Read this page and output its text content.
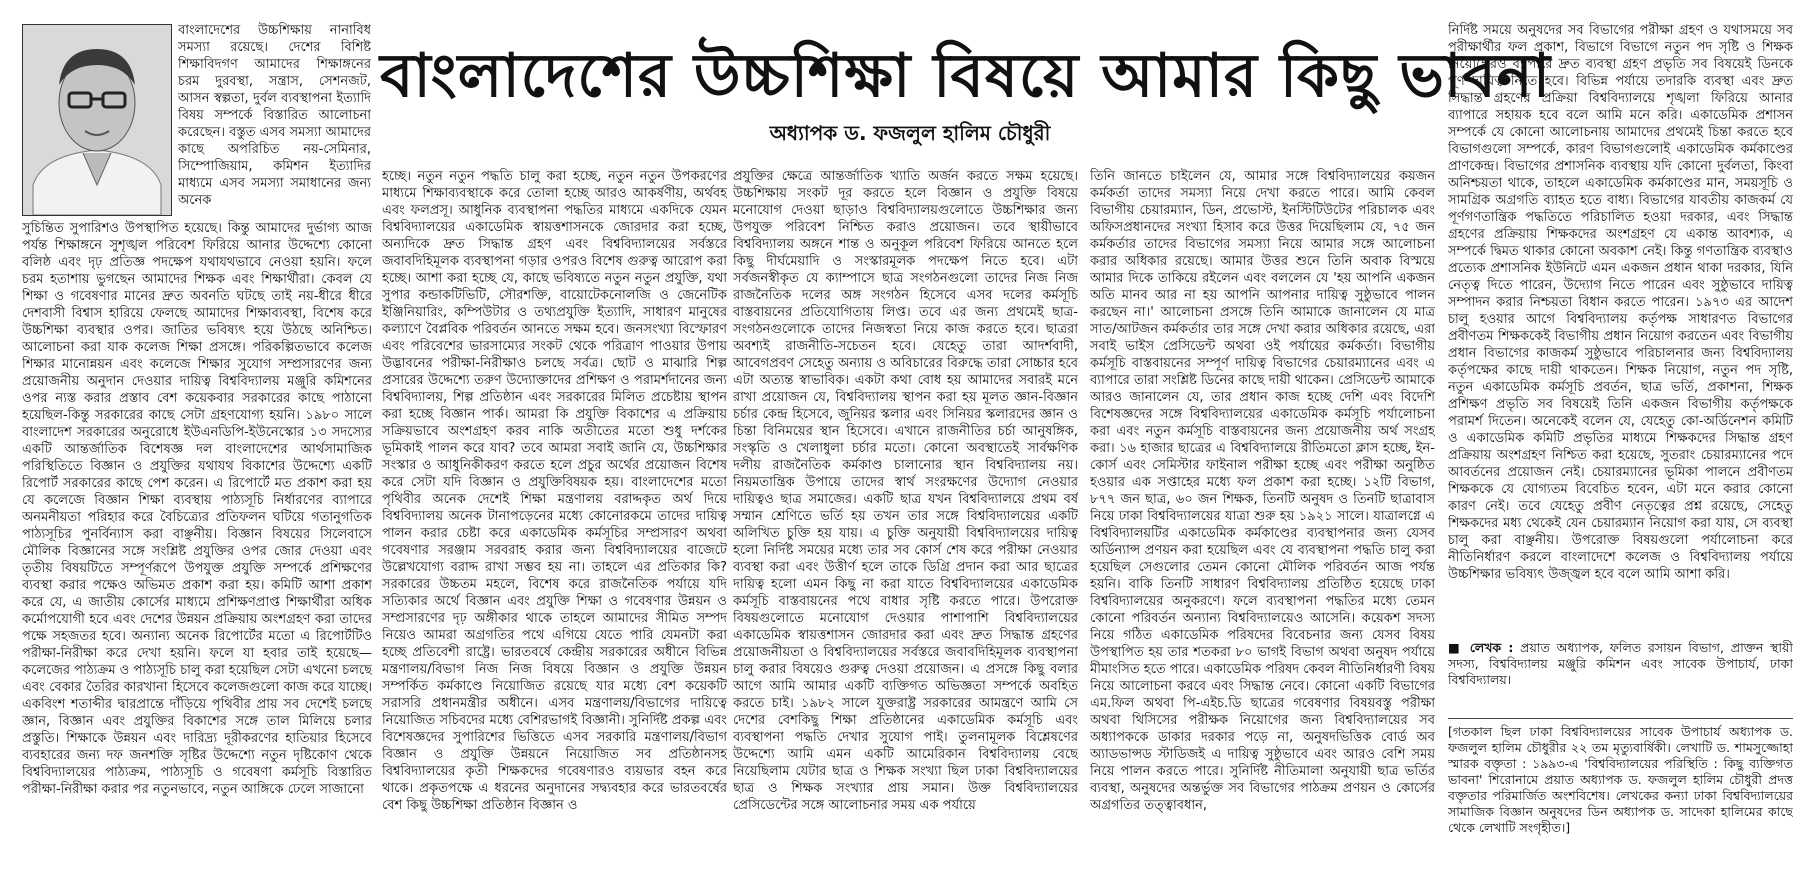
বাংলাদেশের উচ্চশিক্ষায় নানাবিধ সমস্যা রয়েছে। দেশের বিশিষ্ট শিক্ষাবিদগণ আমাদের শিক্ষাঙ্গনের চরম দুরবস্থা, সন্ত্রাস, সেশনজট, আসন স্বল্পতা, দুর্বল ব্যবস্থাপনা ইত্যাদি বিষয় সম্পর্কে বিস্তারিত আলোচনা করেছেন। বস্তুত এসব সমস্যা আমাদের কাছে অপরিচিত নয়-সেমিনার, সিম্পোজিয়াম, কমিশন ইত্যাদির মাধ্যমে এসব সমস্যা সমাধানের জন্য অনেক

সুচিন্তিত সুপারিশও উপস্থাপিত হয়েছে। কিন্তু আমাদের দুর্ভাগ্য আজ পর্যন্ত শিক্ষাঙ্গনে সুশৃঙ্খল পরিবেশ ফিরিয়ে আনার উদ্দেশ্যে কোনো বলিষ্ঠ এবং দৃঢ় প্রতিজ্ঞ পদক্ষেপ যথাযথভাবে নেওয়া হয়নি। ফলে চরম হতাশায় ভুগছেন আমাদের শিক্ষক এবং শিক্ষার্থীরা। কেবল যে শিক্ষা ও গবেষণার মানের দ্রুত অবনতি ঘটছে তাই নয়-ধীরে ধীরে দেশবাসী বিশ্বাস হারিয়ে ফেলছে আমাদের শিক্ষাব্যবস্থা, বিশেষ করে উচ্চশিক্ষা ব্যবস্থার ওপর। জাতির ভবিষ্যৎ হয়ে উঠছে অনিশ্চিত। আলোচনা করা যাক কলেজ শিক্ষা প্রসঙ্গে। পরিকল্পিতভাবে কলেজ শিক্ষার মানোন্নয়ন এবং কলেজে শিক্ষার সুযোগ সম্প্রসারণের জন্য প্রয়োজনীয় অনুদান দেওয়ার দায়িত্ব বিশ্ববিদ্যালয় মঞ্জুরি কমিশনের ওপর ন্যস্ত করার প্রস্তাব বেশ কয়েকবার সরকারের কাছে পাঠানো হয়েছিল-কিন্তু সরকারের কাছে সেটা গ্রহণযোগ্য হয়নি। ১৯৮০ সালে বাংলাদেশ সরকারের অনুরোধে ইউএনডিপি-ইউনেস্কোর ১৩ সদস্যের একটি আন্তর্জাতিক বিশেষজ্ঞ দল বাংলাদেশের আর্থসামাজিক পরিস্থিতিতে বিজ্ঞান ও প্রযুক্তির যথাযথ বিকাশের উদ্দেশ্যে একটি রিপোর্ট সরকারের কাছে পেশ করেন। এ রিপোর্টে মত প্রকাশ করা হয় যে কলেজে বিজ্ঞান শিক্ষা ব্যবস্থায় পাঠ্যসূচি নির্ধারণের ব্যাপারে অনমনীয়তা পরিহার করে বৈচিত্র্যের প্রতিফলন ঘটিয়ে গতানুগতিক পাঠ্যসূচির পুনর্বিন্যাস করা বাঞ্ছনীয়। বিজ্ঞান বিষয়ের সিলেবাসে মৌলিক বিজ্ঞানের সঙ্গে সংশ্লিষ্ট প্রযুক্তির ওপর জোর দেওয়া এবং তৃতীয় বিষয়টিতে সম্পূর্ণরূপে উপযুক্ত প্রযুক্তি সম্পর্কে প্রশিক্ষণের ব্যবস্থা করার পক্ষেও অভিমত প্রকাশ করা হয়। কমিটি আশা প্রকাশ করে যে, এ জাতীয় কোর্সের মাধ্যমে প্রশিক্ষণপ্রাপ্ত শিক্ষার্থীরা অধিক কর্মোপযোগী হবে এবং দেশের উন্নয়ন প্রক্রিয়ায় অংশগ্রহণ করা তাদের পক্ষে সহজতর হবে। অন্যান্য অনেক রিপোর্টের মতো এ রিপোর্টটিও পরীক্ষা-নিরীক্ষা করে দেখা হয়নি। ফলে যা হবার তাই হয়েছে—কলেজের পাঠ্যক্রম ও পাঠ্যসূচি চালু করা হয়েছিল সেটা এখনো চলছে এবং বেকার তৈরির কারখানা হিসেবে কলেজগুলো কাজ করে যাচ্ছে। একবিংশ শতাব্দীর দ্বারপ্রান্তে দাঁড়িয়ে পৃথিবীর প্রায় সব দেশেই চলছে জ্ঞান, বিজ্ঞান এবং প্রযুক্তির বিকাশের সঙ্গে তাল মিলিয়ে চলার প্রস্তুতি। শিক্ষাকে উন্নয়ন এবং দারিদ্র্য দূরীকরণের হাতিয়ার হিসেবে ব্যবহারের জন্য দফ জনশক্তি সৃষ্টির উদ্দেশ্যে নতুন দৃষ্টিকোণ থেকে বিশ্ববিদ্যালয়ের পাঠ্যক্রম, পাঠ্যসূচি ও গবেষণা কর্মসূচি বিস্তারিত পরীক্ষা-নিরীক্ষা করার পর নতুনভাবে, নতুন আঙ্গিকে ঢেলে সাজানো

বাংলাদেশের উচ্চশিক্ষা বিষয়ে আমার কিছু ভাবনা
অধ্যাপক ড. ফজলুল হালিম চৌধুরী

হচ্ছে। নতুন নতুন পদ্ধতি চালু করা হচ্ছে, নতুন নতুন উপকরণের মাধ্যমে শিক্ষাব্যবস্থাকে করে তোলা হচ্ছে আরও আকর্ষণীয়, অর্থবহ এবং ফলপ্রসূ। আধুনিক ব্যবস্থাপনা পদ্ধতির মাধ্যমে একদিকে যেমন বিশ্ববিদ্যালয়ের একাডেমিক স্বায়ত্তশাসনকে জোরদার করা হচ্ছে, অন্যদিকে দ্রুত সিদ্ধান্ত গ্রহণ এবং বিশ্ববিদ্যালয়ের সর্বস্তরে জবাবদিহিমূলক ব্যবস্থাপনা গড়ার ওপরও বিশেষ গুরুত্ব আরোপ করা হচ্ছে। আশা করা হচ্ছে যে, কাছে ভবিষ্যতে নতুন নতুন প্রযুক্তি, যথা সুপার কন্ডাকটিভিটি, সৌরশক্তি, বায়োটেকনোলজি ও জেনেটিক ইঞ্জিনিয়ারিং, কম্পিউটার ও তথ্যপ্রযুক্তি ইত্যাদি, সাধারণ মানুষের কল্যাণে বৈপ্লবিক পরিবর্তন আনতে সক্ষম হবে। জনসংখ্যা বিস্ফোরণ এবং পরিবেশের ভারসাম্যের সংকট থেকে পরিত্রাণ পাওয়ার উপায় উদ্ভাবনের পরীক্ষা-নিরীক্ষাও চলছে সর্বত্র। ছোট ও মাঝারি শিল্প প্রসারের উদ্দেশ্যে তরুণ উদ্যোক্তাদের প্রশিক্ষণ ও পরামর্শদানের জন্য বিশ্ববিদ্যালয়, শিল্প প্রতিষ্ঠান এবং সরকারের মিলিত প্রচেষ্টায় স্থাপন করা হচ্ছে বিজ্ঞান পার্ক। আমরা কি প্রযুক্তি বিকাশের এ প্রক্রিয়ায় সক্রিয়ভাবে অংশগ্রহণ করব নাকি অতীতের মতো শুধু দর্শকের ভূমিকাই পালন করে যাব? তবে আমরা সবাই জানি যে, উচ্চশিক্ষার সংস্কার ও আধুনিকীকরণ করতে হলে প্রচুর অর্থের প্রয়োজন বিশেষ করে সেটা যদি বিজ্ঞান ও প্রযুক্তিবিষয়ক হয়। বাংলাদেশের মতো পৃথিবীর অনেক দেশেই শিক্ষা মন্ত্রণালয় বরাদ্দকৃত অর্থ দিয়ে বিশ্ববিদ্যালয় অনেক টানাপড়েনের মধ্যে কোনোরকমে তাদের দায়িত্ব পালন করার চেষ্টা করে একাডেমিক কর্মসূচির সম্প্রসারণ অথবা গবেষণার সরঞ্জাম সরবরাহ করার জন্য বিশ্ববিদ্যালয়ের বাজেটে উল্লেখযোগ্য বরাদ্দ রাখা সম্ভব হয় না। তাহলে এর প্রতিকার কি? সরকারের উচ্চতম মহলে, বিশেষ করে রাজনৈতিক পর্যায়ে যদি সত্যিকার অর্থে বিজ্ঞান এবং প্রযুক্তি শিক্ষা ও গবেষণার উন্নয়ন ও সম্প্রসারণের দৃঢ় অঙ্গীকার থাকে তাহলে আমাদের সীমিত সম্পদ নিয়েও আমরা অগ্রগতির পথে এগিয়ে যেতে পারি যেমনটা করা হচ্ছে প্রতিবেশী রাষ্ট্রে। ভারতবর্ষে কেন্দ্রীয় সরকারের অধীনে বিভিন্ন মন্ত্রণালয়/বিভাগ নিজ নিজ বিষয়ে বিজ্ঞান ও প্রযুক্তি উন্নয়ন সম্পর্কিত কর্মকাণ্ডে নিয়োজিত রয়েছে যার মধ্যে বেশ কয়েকটি সরাসরি প্রধানমন্ত্রীর অধীনে। এসব মন্ত্রণালয়/বিভাগের দায়িত্বে নিয়োজিত সচিবদের মধ্যে বেশিরভাগই বিজ্ঞানী। সুনির্দিষ্ট প্রকল্প এবং বিশেষজ্ঞদের সুপারিশের ভিত্তিতে এসব সরকারি মন্ত্রণালয়/বিভাগ বিজ্ঞান ও প্রযুক্তি উন্নয়নে নিয়োজিত সব প্রতিষ্ঠানসহ বিশ্ববিদ্যালয়ের কৃতী শিক্ষকদের গবেষণারও ব্যয়ভার বহন করে থাকে। প্রকৃতপক্ষে এ ধরনের অনুদানের সদ্ব্যবহার করে ভারতবর্ষের বেশ কিছু উচ্চশিক্ষা প্রতিষ্ঠান বিজ্ঞান ও

প্রযুক্তির ক্ষেত্রে আন্তর্জাতিক খ্যাতি অর্জন করতে সক্ষম হয়েছে। উচ্চশিক্ষায় সংকট দূর করতে হলে বিজ্ঞান ও প্রযুক্তি বিষয়ে মনোযোগ দেওয়া ছাড়াও বিশ্ববিদ্যালয়গুলোতে উচ্চশিক্ষার জন্য উপযুক্ত পরিবেশ নিশ্চিত করাও প্রয়োজন। তবে স্থায়ীভাবে বিশ্ববিদ্যালয় অঙ্গনে শান্ত ও অনুকূল পরিবেশ ফিরিয়ে আনতে হলে কিছু দীর্ঘমেয়াদি ও সংস্কারমূলক পদক্ষেপ নিতে হবে। এটা সর্বজনস্বীকৃত যে ক্যাম্পাসে ছাত্র সংগঠনগুলো তাদের নিজ নিজ রাজনৈতিক দলের অঙ্গ সংগঠন হিসেবে এসব দলের কর্মসূচি বাস্তবায়নের প্রতিযোগিতায় লিপ্ত। তবে এর জন্য প্রথমেই ছাত্র-সংগঠনগুলোকে তাদের নিজস্বতা নিয়ে কাজ করতে হবে। ছাত্ররা অবশ্যই রাজনীতি-সচেতন হবে। যেহেতু তারা আদর্শবাদী, আবেগপ্রবণ সেহেতু অন্যায় ও অবিচারের বিরুদ্ধে তারা সোচ্চার হবে এটা অত্যন্ত স্বাভাবিক। একটা কথা বোধ হয় আমাদের সবারই মনে রাখা প্রয়োজন যে, বিশ্ববিদ্যালয় স্থাপন করা হয় মূলত জ্ঞান-বিজ্ঞান চর্চার কেন্দ্র হিসেবে, জুনিয়র স্কলার এবং সিনিয়র স্কলারদের জ্ঞান ও চিন্তা বিনিময়ের স্থান হিসেবে। এখানে রাজনীতির চর্চা আনুষঙ্গিক, সংস্কৃতি ও খেলাধুলা চর্চার মতো। কোনো অবস্থাতেই সার্বক্ষণিক দলীয় রাজনৈতিক কর্মকাণ্ড চালানোর স্থান বিশ্ববিদ্যালয় নয়। নিয়মতান্ত্রিক উপায়ে তাদের স্বার্থ সংরক্ষণের উদ্যোগ নেওয়ার দায়িত্বও ছাত্র সমাজের। একটি ছাত্র যখন বিশ্ববিদ্যালয়ে প্রথম বর্ষ সম্মান শ্রেণিতে ভর্তি হয় তখন তার সঙ্গে বিশ্ববিদ্যালয়ের একটি অলিখিত চুক্তি হয় যায়। এ চুক্তি অনুযায়ী বিশ্ববিদ্যালয়ের দায়িত্ব হলো নির্দিষ্ট সময়ের মধ্যে তার সব কোর্স শেষ করে পরীক্ষা নেওয়ার ব্যবস্থা করা এবং উত্তীর্ণ হলে তাকে ডিগ্রি প্রদান করা আর ছাত্রের দায়িত্ব হলো এমন কিছু না করা যাতে বিশ্ববিদ্যালয়ের একাডেমিক কর্মসূচি বাস্তবায়নের পথে বাধার সৃষ্টি করতে পারে। উপরোক্ত বিষয়গুলোতে মনোযোগ দেওয়ার পাশাপাশি বিশ্ববিদ্যালয়ের একাডেমিক স্বায়ত্তশাসন জোরদার করা এবং দ্রুত সিদ্ধান্ত গ্রহণের প্রয়োজনীয়তা ও বিশ্ববিদ্যালয়ের সর্বস্তরে জবাবদিহিমূলক ব্যবস্থাপনা চালু করার বিষয়েও গুরুত্ব দেওয়া প্রয়োজন। এ প্রসঙ্গে কিছু বলার আগে আমি আমার একটি ব্যক্তিগত অভিজ্ঞতা সম্পর্কে অবহিত করতে চাই। ১৯৮২ সালে যুক্তরাষ্ট্র সরকারের আমন্ত্রণে আমি সে দেশের বেশকিছু শিক্ষা প্রতিষ্ঠানের একাডেমিক কর্মসূচি এবং ব্যবস্থাপনা পদ্ধতি দেখার সুযোগ পাই। তুলনামূলক বিশ্লেষণের উদ্দেশ্যে আমি এমন একটি আমেরিকান বিশ্ববিদ্যালয় বেছে নিয়েছিলাম যেটার ছাত্র ও শিক্ষক সংখ্যা ছিল ঢাকা বিশ্ববিদ্যালয়ের ছাত্র ও শিক্ষক সংখ্যার প্রায় সমান। উক্ত বিশ্ববিদ্যালয়ের প্রেসিডেন্টের সঙ্গে আলোচনার সময় এক পর্যায়ে

তিনি জানতে চাইলেন যে, আমার সঙ্গে বিশ্ববিদ্যালয়ের কয়জন কর্মকর্তা তাদের সমস্যা নিয়ে দেখা করতে পারে। আমি কেবল বিভাগীয় চেয়ারম্যান, ডিন, প্রভোস্ট, ইনস্টিটিউটের পরিচালক এবং অফিসপ্রধানদের সংখ্যা হিসাব করে উত্তর দিয়েছিলাম যে, ৭৫ জন কর্মকর্তার তাদের বিভাগের সমস্যা নিয়ে আমার সঙ্গে আলোচনা করার অধিকার রয়েছে। আমার উত্তর শুনে তিনি অবাক বিস্ময়ে আমার দিকে তাকিয়ে রইলেন এবং বললেন যে 'হয় আপনি একজন অতি মানব আর না হয় আপনি আপনার দায়িত্ব সুষ্ঠুভাবে পালন করছেন না।' আলোচনা প্রসঙ্গে তিনি আমাকে জানালেন যে মাত্র সাত/আটজন কর্মকর্তার তার সঙ্গে দেখা করার অধিকার রয়েছে, এরা সবাই ভাইস প্রেসিডেন্ট অথবা ওই পর্যায়ের কর্মকর্তা। বিভাগীয় কর্মসূচি বাস্তবায়নের সম্পূর্ণ দায়িত্ব বিভাগের চেয়ারম্যানের এবং এ ব্যাপারে তারা সংশ্লিষ্ট ডিনের কাছে দায়ী থাকেন। প্রেসিডেন্ট আমাকে আরও জানালেন যে, তার প্রধান কাজ হচ্ছে দেশি এবং বিদেশি বিশেষজ্ঞদের সঙ্গে বিশ্ববিদ্যালয়ের একাডেমিক কর্মসূচি পর্যালোচনা করা এবং নতুন কর্মসূচি বাস্তবায়নের জন্য প্রয়োজনীয় অর্থ সংগ্রহ করা। ১৬ হাজার ছাত্রের এ বিশ্ববিদ্যালয়ে রীতিমতো ক্লাস হচ্ছে, ইন-কোর্স এবং সেমিস্টার ফাইনাল পরীক্ষা হচ্ছে এবং পরীক্ষা অনুষ্ঠিত হওয়ার এক সপ্তাহের মধ্যে ফল প্রকাশ করা হচ্ছে। ১২টি বিভাগ, ৮৭৭ জন ছাত্র, ৬০ জন শিক্ষক, তিনটি অনুষদ ও তিনটি ছাত্রাবাস নিয়ে ঢাকা বিশ্ববিদ্যালয়ের যাত্রা শুরু হয় ১৯২১ সালে। যাত্রালগ্নে এ বিশ্ববিদ্যালয়টির একাডেমিক কর্মকাণ্ডের ব্যবস্থাপনার জন্য যেসব অর্ডিন্যান্স প্রণয়ন করা হয়েছিল এবং যে ব্যবস্থাপনা পদ্ধতি চালু করা হয়েছিল সেগুলোর তেমন কোনো মৌলিক পরিবর্তন আজ পর্যন্ত হয়নি। বাকি তিনটি সাধারণ বিশ্ববিদ্যালয় প্রতিষ্ঠিত হয়েছে ঢাকা বিশ্ববিদ্যালয়ের অনুকরণে। ফলে ব্যবস্থাপনা পদ্ধতির মধ্যে তেমন কোনো পরিবর্তন অন্যান্য বিশ্ববিদ্যালয়েও আসেনি। কয়েকশ সদস্য নিয়ে গঠিত একাডেমিক পরিষদের বিবেচনার জন্য যেসব বিষয় উপস্থাপিত হয় তার শতকরা ৮০ ভাগই বিভাগ অথবা অনুষদ পর্যায়ে মীমাংসিত হতে পারে। একাডেমিক পরিষদ কেবল নীতিনির্ধারণী বিষয় নিয়ে আলোচনা করবে এবং সিদ্ধান্ত নেবে। কোনো একটি বিভাগের এম.ফিল অথবা পি-এইচ.ডি ছাত্রের গবেষণার বিষয়বস্তু পরীক্ষা অথবা থিসিসের পরীক্ষক নিয়োগের জন্য বিশ্ববিদ্যালয়ের সব অধ্যাপককে ডাকার দরকার পড়ে না, অনুষদভিত্তিক বোর্ড অব অ্যাডভান্সড স্টাডিজই এ দায়িত্ব সুষ্ঠুভাবে এবং আরও বেশি সময় নিয়ে পালন করতে পারে। সুনির্দিষ্ট নীতিমালা অনুযায়ী ছাত্র ভর্তির ব্যবস্থা, অনুষদের অন্তর্ভুক্ত সব বিভাগের পাঠক্রম প্রণয়ন ও কোর্সের অগ্রগতির তত্ত্বাবধান,

নির্দিষ্ট সময়ে অনুষদের সব বিভাগের পরীক্ষা গ্রহণ ও যথাসময়ে সব পরীক্ষার্থীর ফল প্রকাশ, বিভাগে বিভাগে নতুন পদ সৃষ্টি ও শিক্ষক নিয়োগেরও ব্যাপারে দ্রুত ব্যবস্থা গ্রহণ প্রভৃতি সব বিষয়েই ডিনকে পূর্ণ দায়িত্ব নিতে হবে। বিভিন্ন পর্যায়ে তদারকি ব্যবস্থা এবং দ্রুত সিদ্ধান্ত গ্রহণের প্রক্রিয়া বিশ্ববিদ্যালয়ে শৃঙ্খলা ফিরিয়ে আনার ব্যাপারে সহায়ক হবে বলে আমি মনে করি। একাডেমিক প্রশাসন সম্পর্কে যে কোনো আলোচনায় আমাদের প্রথমেই চিন্তা করতে হবে বিভাগগুলো সম্পর্কে, কারণ বিভাগগুলোই একাডেমিক কর্মকাণ্ডের প্রাণকেন্দ্র। বিভাগের প্রশাসনিক ব্যবস্থায় যদি কোনো দুর্বলতা, কিংবা অনিশ্চয়তা থাকে, তাহলে একাডেমিক কর্মকাণ্ডের মান, সময়সূচি ও সামগ্রিক অগ্রগতি ব্যাহত হতে বাধ্য। বিভাগের যাবতীয় কাজকর্ম যে পূর্ণগণতান্ত্রিক পদ্ধতিতে পরিচালিত হওয়া দরকার, এবং সিদ্ধান্ত গ্রহণের প্রক্রিয়ায় শিক্ষকদের অংশগ্রহণ যে একান্ত আবশ্যক, এ সম্পর্কে দ্বিমত থাকার কোনো অবকাশ নেই। কিন্তু গণতান্ত্রিক ব্যবস্থাও প্রত্যেক প্রশাসনিক ইউনিটে এমন একজন প্রধান থাকা দরকার, যিনি নেতৃত্ব দিতে পারেন, উদ্যোগ নিতে পারেন এবং সুষ্ঠুভাবে দায়িত্ব সম্পাদন করার নিশ্চয়তা বিধান করতে পারেন। ১৯৭৩ এর আদেশ চালু হওয়ার আগে বিশ্ববিদ্যালয় কর্তৃপক্ষ সাধারণত বিভাগের প্রবীণতম শিক্ষককেই বিভাগীয় প্রধান নিয়োগ করতেন এবং বিভাগীয় প্রধান বিভাগের কাজকর্ম সুষ্ঠুভাবে পরিচালনার জন্য বিশ্ববিদ্যালয় কর্তৃপক্ষের কাছে দায়ী থাকতেন। শিক্ষক নিয়োগ, নতুন পদ সৃষ্টি, নতুন একাডেমিক কর্মসূচি প্রবর্তন, ছাত্র ভর্তি, প্রকাশনা, শিক্ষক প্রশিক্ষণ প্রভৃতি সব বিষয়েই তিনি একজন বিভাগীয় কর্তৃপক্ষকে পরামর্শ দিতেন। অনেকেই বলেন যে, যেহেতু কো-অর্ডিনেশন কমিটি ও একাডেমিক কমিটি প্রভৃতির মাধ্যমে শিক্ষকদের সিদ্ধান্ত গ্রহণ প্রক্রিয়ায় অংশগ্রহণ নিশ্চিত করা হয়েছে, সুতরাং চেয়ারম্যানের পদে আবর্তনের প্রয়োজন নেই। চেয়ারম্যানের ভূমিকা পালনে প্রবীণতম শিক্ষককে যে যোগ্যতম বিবেচিত হবেন, এটা মনে করার কোনো কারণ নেই। তবে যেহেতু প্রবীণ নেতৃত্বের প্রশ্ন রয়েছে, সেহেতু শিক্ষকদের মধ্য থেকেই যেন চেয়ারম্যান নিয়োগ করা যায়, সে ব্যবস্থা চালু করা বাঞ্ছনীয়। উপরোক্ত বিষয়গুলো পর্যালোচনা করে নীতিনির্ধারণ করলে বাংলাদেশে কলেজ ও বিশ্ববিদ্যালয় পর্যায়ে উচ্চশিক্ষার ভবিষ্যৎ উজ্জ্বল হবে বলে আমি আশা করি।

■ লেখক : প্রয়াত অধ্যাপক, ফলিত রসায়ন বিভাগ, প্রাক্তন স্থায়ী সদস্য, বিশ্ববিদ্যালয় মঞ্জুরি কমিশন এবং সাবেক উপাচার্য, ঢাকা বিশ্ববিদ্যালয়।

[গতকাল ছিল ঢাকা বিশ্ববিদ্যালয়ের সাবেক উপাচার্য অধ্যাপক ড. ফজলুল হালিম চৌধুরীর ২২ তম মৃত্যুবার্ষিকী। লেখাটি ড. শামসুজ্জোহা স্মারক বক্তৃতা : ১৯৯৩-এ 'বিশ্ববিদ্যালয়ের পরিস্থিতি : কিছু ব্যক্তিগত ভাবনা' শিরোনামে প্রয়াত অধ্যাপক ড. ফজলুল হালিম চৌধুরী প্রদত্ত বক্তৃতার পরিমার্জিত অংশবিশেষ। লেখকের কন্যা ঢাকা বিশ্ববিদ্যালয়ের সামাজিক বিজ্ঞান অনুষদের ডিন অধ্যাপক ড. সাদেকা হালিমের কাছে থেকে লেখাটি সংগৃহীত।]
